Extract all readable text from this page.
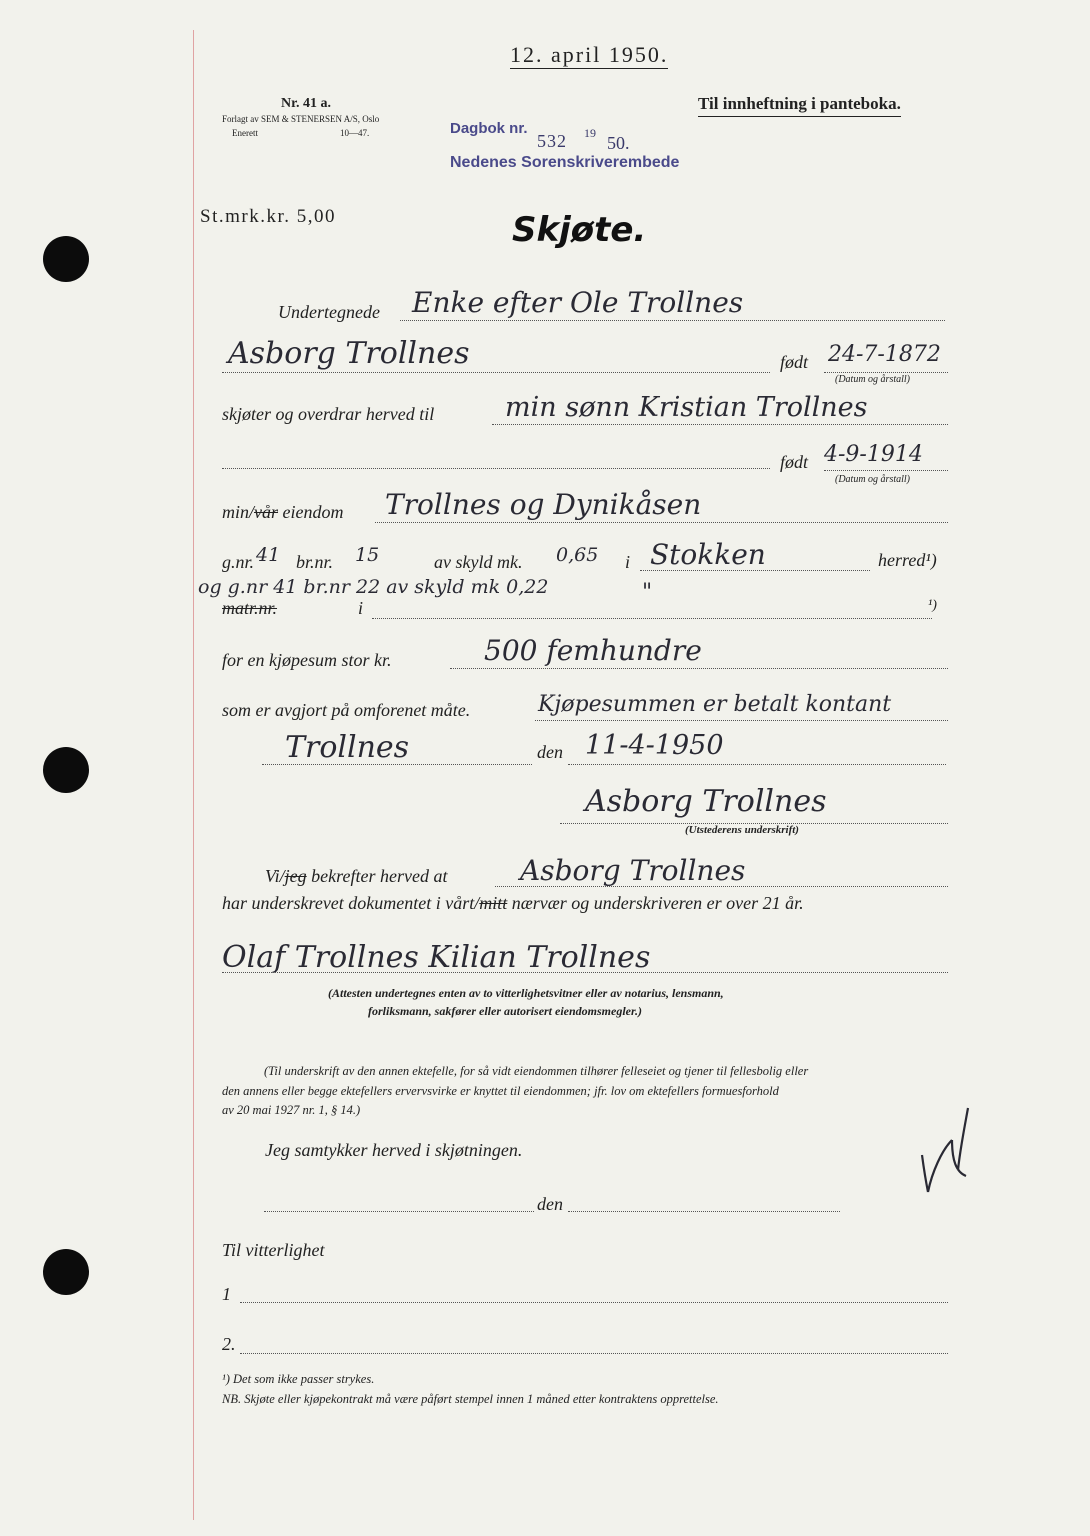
12. april 1950.
Nr. 41 a.
Forlagt av SEM & STENERSEN A/S, Oslo
Enerett	10—47.
Til innheftning i panteboka.
Dagbok nr.
532 19 50.
Nedenes Sorenskriverembede
St.mrk.kr. 5,00	Skjøte.
Undertegnede Enke efter Ole Trollnes
Asborg Trollnes	født 24-7-1872
(Datum og årstall)
skjøter og overdrar herved til	min sønn Kristian Trollnes
født 4-9-1914
(Datum og årstall)
min/vår eiendom Trollnes og Dynikåsen
g.nr. 41 br.nr. 15	av skyld mk. 0,65 i Stokken	herred¹)
og g.nr 41 br.nr 22 av skyld mk 0,22	"
matr.nr.	i	¹)
for en kjøpesum stor kr.	500 femhundre
som er avgjort på omforenet måte.	Kjøpesummen er betalt kontant
Trollnes	den 11-4-1950
Asborg Trollnes
(Utstederens underskrift)
Vi/jeg bekrefter herved at	Asborg Trollnes
har underskrevet dokumentet i vårt/mitt nærvær og underskriveren er over 21 år.
Olaf Trollnes Kilian Trollnes
(Attesten undertegnes enten av to vitterlighetsvitner eller av notarius, lensmann,
forliksmann, sakfører eller autorisert eiendomsmegler.)
(Til underskrift av den annen ektefelle, for så vidt eiendommen tilhører felleseiet og tjener til fellesbolig eller
den annens eller begge ektefellers ervervsvirke er knyttet til eiendommen; jfr. lov om ektefellers formuesforhold
av 20 mai 1927 nr. 1, § 14.)
Jeg samtykker herved i skjøtningen.
den
Til vitterlighet
1
2.
¹) Det som ikke passer strykes.
NB. Skjøte eller kjøpekontrakt må være påført stempel innen 1 måned etter kontraktens opprettelse.
